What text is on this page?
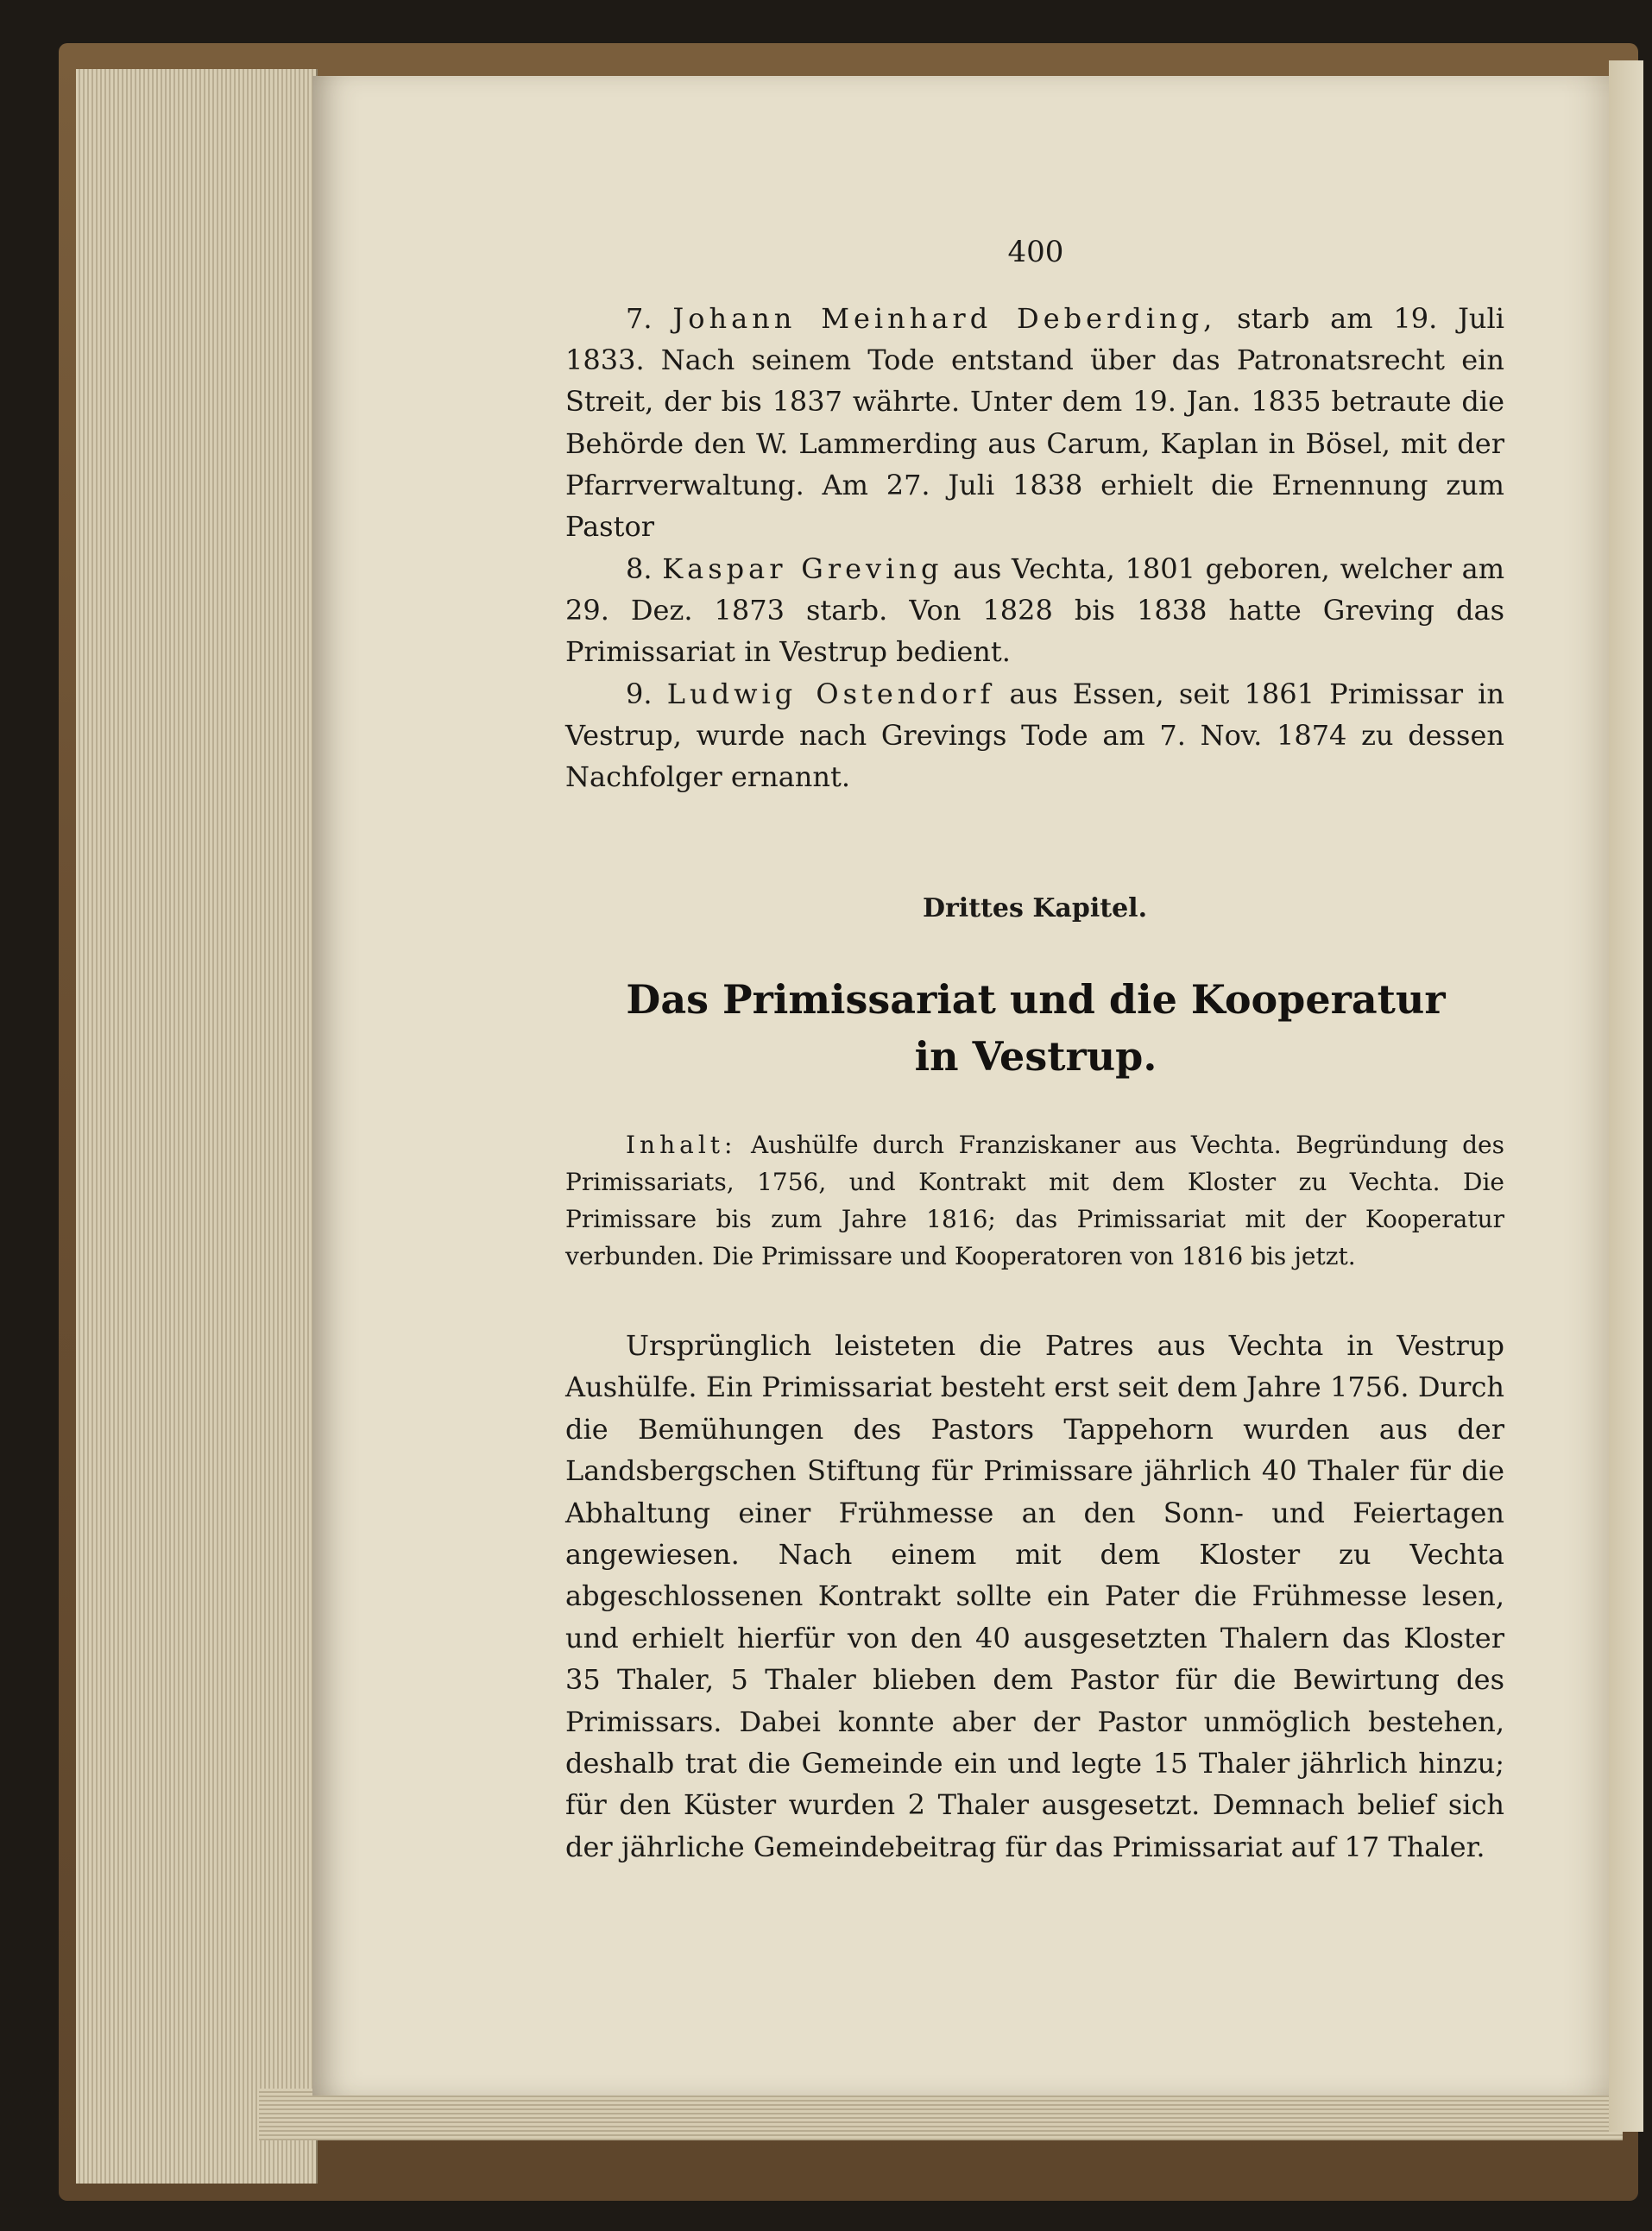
400
7. Johann Meinhard Deberding, starb am 19. Juli 1833. Nach seinem Tode entstand über das Patronatsrecht ein Streit, der bis 1837 währte. Unter dem 19. Jan. 1835 betraute die Behörde den W. Lammerding aus Carum, Kaplan in Bösel, mit der Pfarrverwaltung. Am 27. Juli 1838 erhielt die Ernennung zum Pastor
8. Kaspar Greving aus Vechta, 1801 geboren, welcher am 29. Dez. 1873 starb. Von 1828 bis 1838 hatte Greving das Primissariat in Vestrup bedient.
9. Ludwig Ostendorf aus Essen, seit 1861 Primissar in Vestrup, wurde nach Grevings Tode am 7. Nov. 1874 zu dessen Nachfolger ernannt.
Drittes Kapitel.
Das Primissariat und die Kooperatur in Vestrup.
Inhalt: Aushülfe durch Franziskaner aus Vechta. Begründung des Primissariats, 1756, und Kontrakt mit dem Kloster zu Vechta. Die Primissare bis zum Jahre 1816; das Primissariat mit der Kooperatur verbunden. Die Primissare und Kooperatoren von 1816 bis jetzt.
Ursprünglich leisteten die Patres aus Vechta in Vestrup Aushülfe. Ein Primissariat besteht erst seit dem Jahre 1756. Durch die Bemühungen des Pastors Tappehorn wurden aus der Landsbergschen Stiftung für Primissare jährlich 40 Thaler für die Abhaltung einer Frühmesse an den Sonn- und Feiertagen angewiesen. Nach einem mit dem Kloster zu Vechta abgeschlossenen Kontrakt sollte ein Pater die Frühmesse lesen, und erhielt hierfür von den 40 ausgesetzten Thalern das Kloster 35 Thaler, 5 Thaler blieben dem Pastor für die Bewirtung des Primissars. Dabei konnte aber der Pastor unmöglich bestehen, deshalb trat die Gemeinde ein und legte 15 Thaler jährlich hinzu; für den Küster wurden 2 Thaler ausgesetzt. Demnach belief sich der jährliche Gemeindebeitrag für das Primissariat auf 17 Thaler.
